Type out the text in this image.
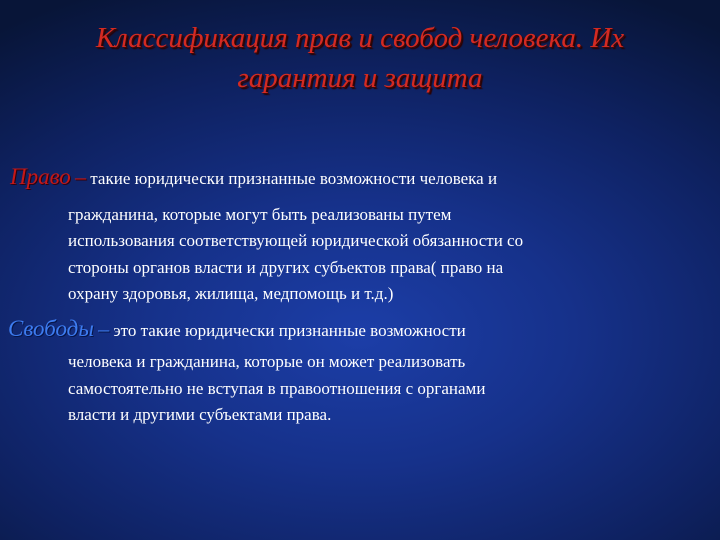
Классификация прав и свобод человека. Их
гарантия и защита
Право – такие юридически признанные возможности человека и
гражданина, которые могут быть реализованы путем
использования соответствующей юридической обязанности со
стороны органов власти и других субъектов права( право на
охрану здоровья, жилища, медпомощь и т.д.)
Свободы – это такие юридически признанные возможности
человека и гражданина, которые он может реализовать
самостоятельно не вступая в правоотношения с органами
власти и другими субъектами права.
